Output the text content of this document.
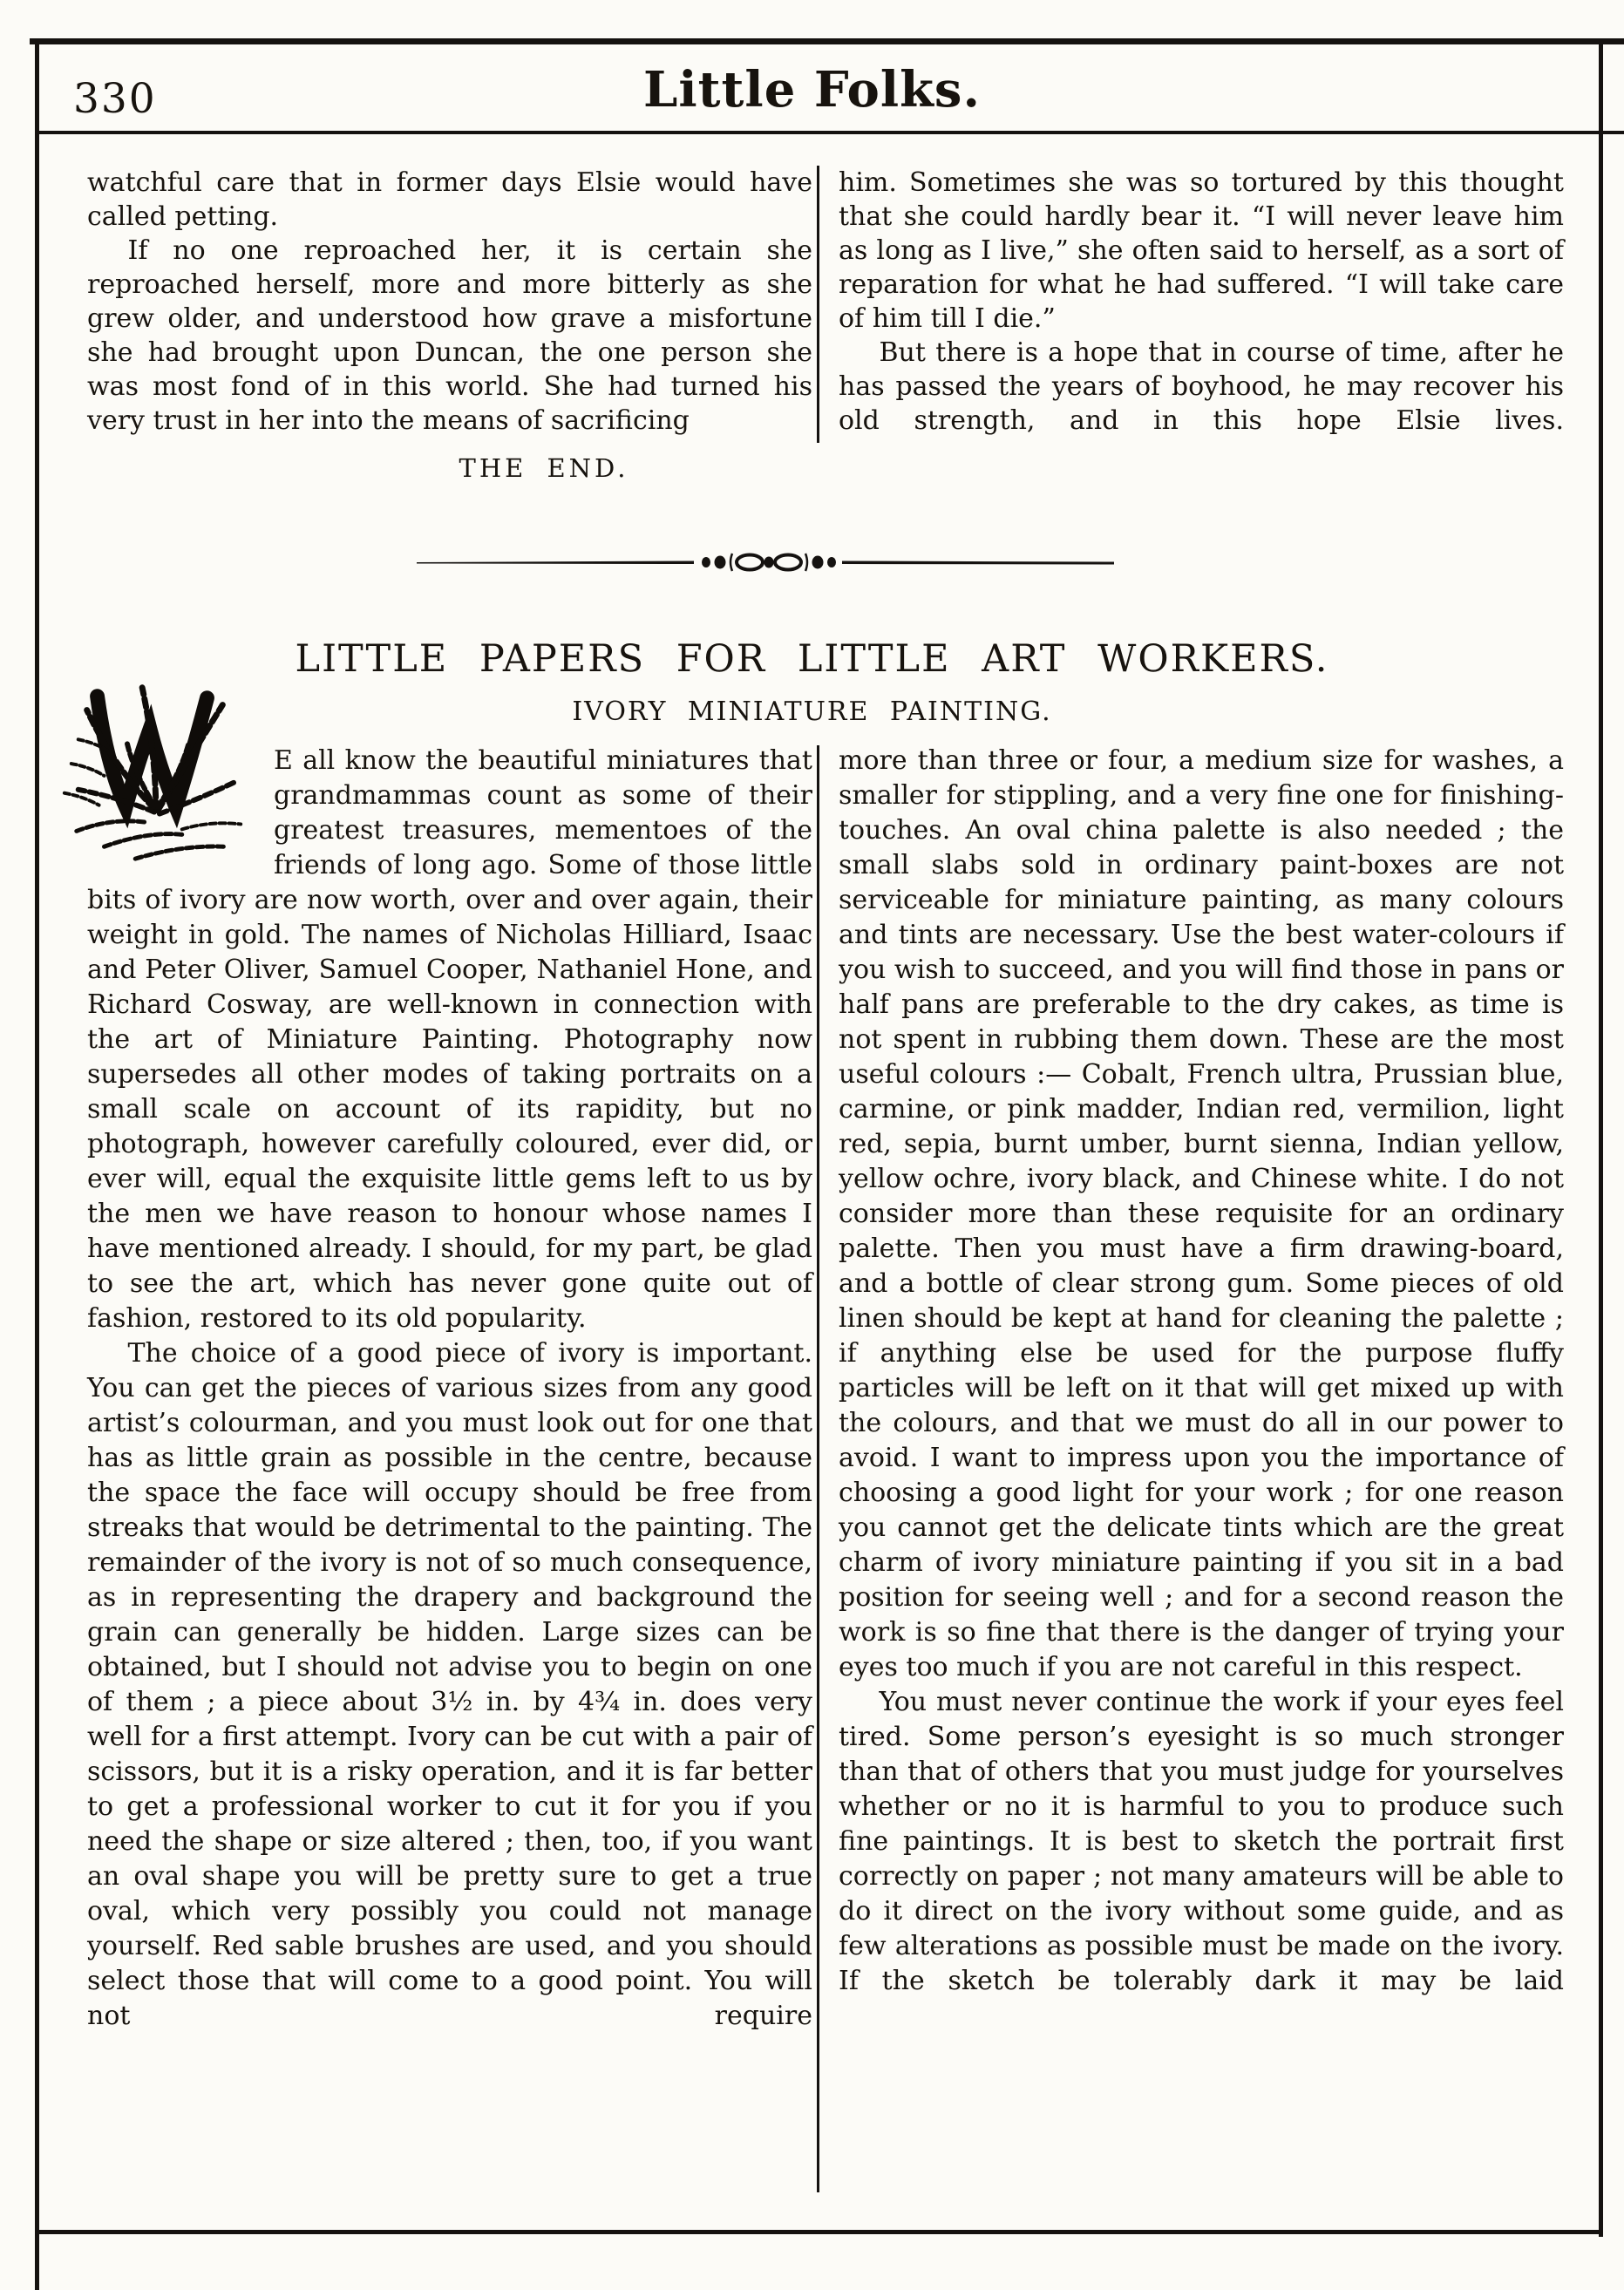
330	Little Folks.

watchful care that in former days Elsie would have called petting.

If no one reproached her, it is certain she reproached herself, more and more bitterly as she grew older, and understood how grave a misfortune she had brought upon Duncan, the one person she was most fond of in this world. She had turned his very trust in her into the means of sacrificing

him. Sometimes she was so tortured by this thought that she could hardly bear it. “I will never leave him as long as I live,” she often said to herself, as a sort of reparation for what he had suffered. “I will take care of him till I die.”

But there is a hope that in course of time, after he has passed the years of boyhood, he may recover his old strength, and in this hope Elsie lives.

THE END.
LITTLE PAPERS FOR LITTLE ART WORKERS.
IVORY MINIATURE PAINTING.

E all know the beautiful miniatures that grandmammas count as some of their greatest treasures, mementoes of the friends of long ago. Some of those little bits of ivory are now worth, over and over again, their weight in gold. The names of Nicholas Hilliard, Isaac and Peter Oliver, Samuel Cooper, Nathaniel Hone, and Richard Cosway, are well-known in connection with the art of Miniature Painting. Photography now supersedes all other modes of taking portraits on a small scale on account of its rapidity, but no photograph, however carefully coloured, ever did, or ever will, equal the exquisite little gems left to us by the men we have reason to honour whose names I have mentioned already. I should, for my part, be glad to see the art, which has never gone quite out of fashion, restored to its old popularity.

The choice of a good piece of ivory is important. You can get the pieces of various sizes from any good artist’s colourman, and you must look out for one that has as little grain as possible in the centre, because the space the face will occupy should be free from streaks that would be detrimental to the painting. The remainder of the ivory is not of so much consequence, as in representing the drapery and background the grain can generally be hidden. Large sizes can be obtained, but I should not advise you to begin on one of them ; a piece about 3½ in. by 4¾ in. does very well for a first attempt. Ivory can be cut with a pair of scissors, but it is a risky operation, and it is far better to get a professional worker to cut it for you if you need the shape or size altered ; then, too, if you want an oval shape you will be pretty sure to get a true oval, which very possibly you could not manage yourself. Red sable brushes are used, and you should select those that will come to a good point. You will not require

more than three or four, a medium size for washes, a smaller for stippling, and a very fine one for finishing-touches. An oval china palette is also needed ; the small slabs sold in ordinary paint-boxes are not serviceable for miniature painting, as many colours and tints are necessary. Use the best water-colours if you wish to succeed, and you will find those in pans or half pans are preferable to the dry cakes, as time is not spent in rubbing them down. These are the most useful colours :— Cobalt, French ultra, Prussian blue, carmine, or pink madder, Indian red, vermilion, light red, sepia, burnt umber, burnt sienna, Indian yellow, yellow ochre, ivory black, and Chinese white. I do not consider more than these requisite for an ordinary palette. Then you must have a firm drawing-board, and a bottle of clear strong gum. Some pieces of old linen should be kept at hand for cleaning the palette ; if anything else be used for the purpose fluffy particles will be left on it that will get mixed up with the colours, and that we must do all in our power to avoid. I want to impress upon you the importance of choosing a good light for your work ; for one reason you cannot get the delicate tints which are the great charm of ivory miniature painting if you sit in a bad position for seeing well ; and for a second reason the work is so fine that there is the danger of trying your eyes too much if you are not careful in this respect.

You must never continue the work if your eyes feel tired. Some person’s eyesight is so much stronger than that of others that you must judge for yourselves whether or no it is harmful to you to produce such fine paintings. It is best to sketch the portrait first correctly on paper ; not many amateurs will be able to do it direct on the ivory without some guide, and as few alterations as possible must be made on the ivory. If the sketch be tolerably dark it may be laid
